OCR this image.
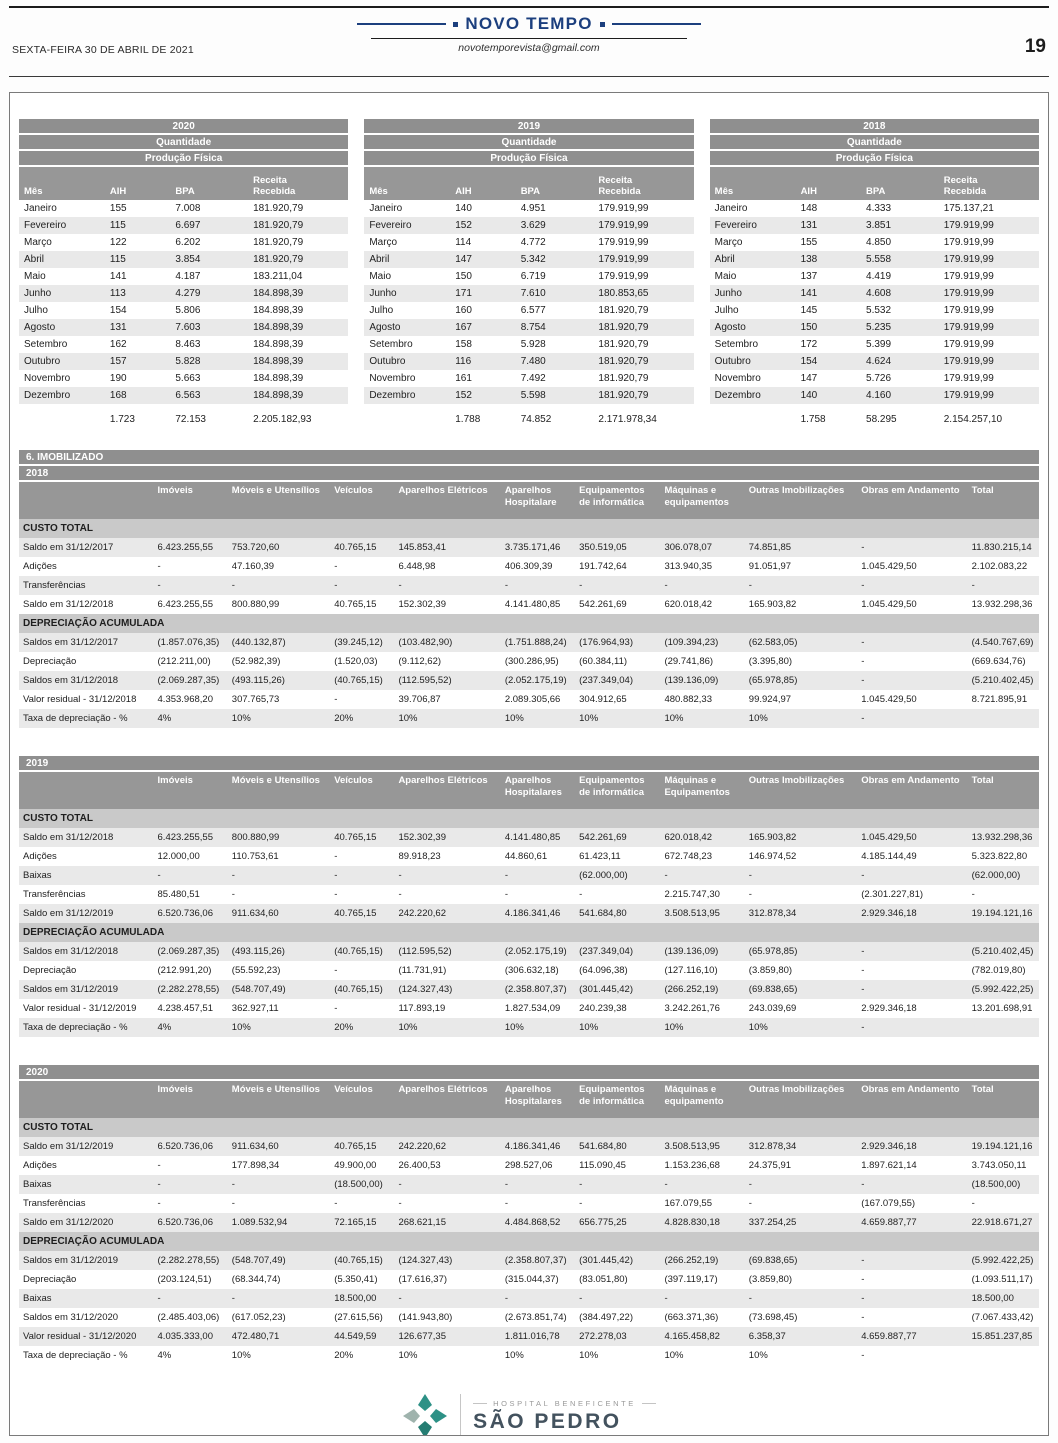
SEXTA-FEIRA 30 DE ABRIL DE 2021
NOVO TEMPO
novotemporevista@gmail.com	19
2020
Quantidade
Produção Física
Mês	AIH	BPA	Receita Recebida
Janeiro	155	7.008	181.920,79
Fevereiro	115	6.697	181.920,79
Março	122	6.202	181.920,79
Abril	115	3.854	181.920,79
Maio	141	4.187	183.211,04
Junho	113	4.279	184.898,39
Julho	154	5.806	184.898,39
Agosto	131	7.603	184.898,39
Setembro	162	8.463	184.898,39
Outubro	157	5.828	184.898,39
Novembro	190	5.663	184.898,39
Dezembro	168	6.563	184.898,39
	1.723	72.153	2.205.182,93
2019
Quantidade
Produção Física
Mês	AIH	BPA	Receita Recebida
Janeiro	140	4.951	179.919,99
Fevereiro	152	3.629	179.919,99
Março	114	4.772	179.919,99
Abril	147	5.342	179.919,99
Maio	150	6.719	179.919,99
Junho	171	7.610	180.853,65
Julho	160	6.577	181.920,79
Agosto	167	8.754	181.920,79
Setembro	158	5.928	181.920,79
Outubro	116	7.480	181.920,79
Novembro	161	7.492	181.920,79
Dezembro	152	5.598	181.920,79
	1.788	74.852	2.171.978,34
2018
Quantidade
Produção Física
Mês	AIH	BPA	Receita Recebida
Janeiro	148	4.333	175.137,21
Fevereiro	131	3.851	179.919,99
Março	155	4.850	179.919,99
Abril	138	5.558	179.919,99
Maio	137	4.419	179.919,99
Junho	141	4.608	179.919,99
Julho	145	5.532	179.919,99
Agosto	150	5.235	179.919,99
Setembro	172	5.399	179.919,99
Outubro	154	4.624	179.919,99
Novembro	147	5.726	179.919,99
Dezembro	140	4.160	179.919,99
	1.758	58.295	2.154.257,10
6. IMOBILIZADO
2018
	Imóveis	Móveis e Utensílios	Veículos	Aparelhos Elétricos	Aparelhos Hospitalare	Equipamentos de informática	Máquinas e equipamentos	Outras Imobilizações	Obras em Andamento	Total
CUSTO TOTAL										
Saldo em 31/12/2017	6.423.255,55	753.720,60	40.765,15	145.853,41	3.735.171,46	350.519,05	306.078,07	74.851,85	-	11.830.215,14
Adições	-	47.160,39	-	6.448,98	406.309,39	191.742,64	313.940,35	91.051,97	1.045.429,50	2.102.083,22
Transferências	-	-	-	-	-	-	-	-	-	-
Saldo em 31/12/2018	6.423.255,55	800.880,99	40.765,15	152.302,39	4.141.480,85	542.261,69	620.018,42	165.903,82	1.045.429,50	13.932.298,36
DEPRECIAÇÃO ACUMULADA										
Saldos em 31/12/2017	(1.857.076,35)	(440.132,87)	(39.245,12)	(103.482,90)	(1.751.888,24)	(176.964,93)	(109.394,23)	(62.583,05)	-	(4.540.767,69)
Depreciação	(212.211,00)	(52.982,39)	(1.520,03)	(9.112,62)	(300.286,95)	(60.384,11)	(29.741,86)	(3.395,80)	-	(669.634,76)
Saldos em 31/12/2018	(2.069.287,35)	(493.115,26)	(40.765,15)	(112.595,52)	(2.052.175,19)	(237.349,04)	(139.136,09)	(65.978,85)	-	(5.210.402,45)
Valor residual - 31/12/2018	4.353.968,20	307.765,73	-	39.706,87	2.089.305,66	304.912,65	480.882,33	99.924,97	1.045.429,50	8.721.895,91
Taxa de depreciação - %	4%	10%	20%	10%	10%	10%	10%	10%	-	
2019
	Imóveis	Móveis e Utensílios	Veículos	Aparelhos Elétricos	Aparelhos Hospitalares	Equipamentos de informática	Máquinas e Equipamentos	Outras Imobilizações	Obras em Andamento	Total
CUSTO TOTAL										
Saldo em 31/12/2018	6.423.255,55	800.880,99	40.765,15	152.302,39	4.141.480,85	542.261,69	620.018,42	165.903,82	1.045.429,50	13.932.298,36
Adições	12.000,00	110.753,61	-	89.918,23	44.860,61	61.423,11	672.748,23	146.974,52	4.185.144,49	5.323.822,80
Baixas	-	-	-	-	-	(62.000,00)	-	-	-	(62.000,00)
Transferências	85.480,51	-	-	-	-	-	2.215.747,30	-	(2.301.227,81)	-
Saldo em 31/12/2019	6.520.736,06	911.634,60	40.765,15	242.220,62	4.186.341,46	541.684,80	3.508.513,95	312.878,34	2.929.346,18	19.194.121,16
DEPRECIAÇÃO ACUMULADA										
Saldos em 31/12/2018	(2.069.287,35)	(493.115,26)	(40.765,15)	(112.595,52)	(2.052.175,19)	(237.349,04)	(139.136,09)	(65.978,85)	-	(5.210.402,45)
Depreciação	(212.991,20)	(55.592,23)	-	(11.731,91)	(306.632,18)	(64.096,38)	(127.116,10)	(3.859,80)	-	(782.019,80)
Saldos em 31/12/2019	(2.282.278,55)	(548.707,49)	(40.765,15)	(124.327,43)	(2.358.807,37)	(301.445,42)	(266.252,19)	(69.838,65)	-	(5.992.422,25)
Valor residual - 31/12/2019	4.238.457,51	362.927,11	-	117.893,19	1.827.534,09	240.239,38	3.242.261,76	243.039,69	2.929.346,18	13.201.698,91
Taxa de depreciação - %	4%	10%	20%	10%	10%	10%	10%	10%	-	
2020
	Imóveis	Móveis e Utensílios	Veículos	Aparelhos Elétricos	Aparelhos Hospitalares	Equipamentos de informática	Máquinas e equipamento	Outras Imobilizações	Obras em Andamento	Total
CUSTO TOTAL										
Saldo em 31/12/2019	6.520.736,06	911.634,60	40.765,15	242.220,62	4.186.341,46	541.684,80	3.508.513,95	312.878,34	2.929.346,18	19.194.121,16
Adições	-	177.898,34	49.900,00	26.400,53	298.527,06	115.090,45	1.153.236,68	24.375,91	1.897.621,14	3.743.050,11
Baixas	-	-	(18.500,00)	-	-	-	-	-	-	(18.500,00)
Transferências	-	-	-	-	-	-	167.079,55	-	(167.079,55)	-
Saldo em 31/12/2020	6.520.736,06	1.089.532,94	72.165,15	268.621,15	4.484.868,52	656.775,25	4.828.830,18	337.254,25	4.659.887,77	22.918.671,27
DEPRECIAÇÃO ACUMULADA										
Saldos em 31/12/2019	(2.282.278,55)	(548.707,49)	(40.765,15)	(124.327,43)	(2.358.807,37)	(301.445,42)	(266.252,19)	(69.838,65)	-	(5.992.422,25)
Depreciação	(203.124,51)	(68.344,74)	(5.350,41)	(17.616,37)	(315.044,37)	(83.051,80)	(397.119,17)	(3.859,80)	-	(1.093.511,17)
Baixas	-	-	18.500,00	-	-	-	-	-	-	18.500,00
Saldos em 31/12/2020	(2.485.403,06)	(617.052,23)	(27.615,56)	(141.943,80)	(2.673.851,74)	(384.497,22)	(663.371,36)	(73.698,45)	-	(7.067.433,42)
Valor residual - 31/12/2020	4.035.333,00	472.480,71	44.549,59	126.677,35	1.811.016,78	272.278,03	4.165.458,82	6.358,37	4.659.887,77	15.851.237,85
Taxa de depreciação - %	4%	10%	20%	10%	10%	10%	10%	10%	-	
HOSPITAL BENEFICENTE
SÃO PEDRO
